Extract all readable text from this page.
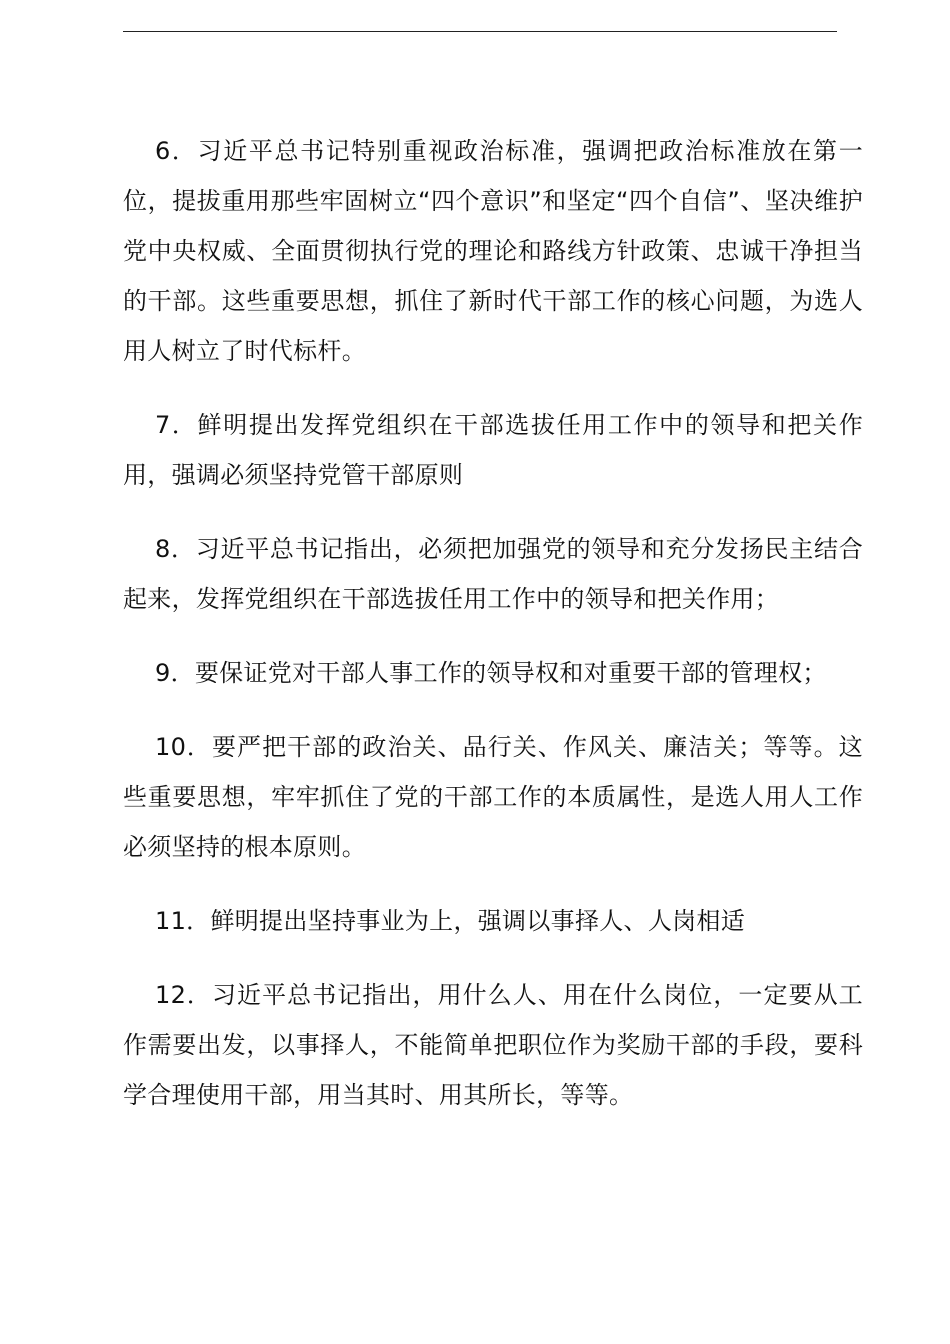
6．习近平总书记特别重视政治标准，强调把政治标准放在第一位，提拔重用那些牢固树立“四个意识”和坚定“四个自信”、坚决维护党中央权威、全面贯彻执行党的理论和路线方针政策、忠诚干净担当的干部。这些重要思想，抓住了新时代干部工作的核心问题，为选人用人树立了时代标杆。

7．鲜明提出发挥党组织在干部选拔任用工作中的领导和把关作用，强调必须坚持党管干部原则

8．习近平总书记指出，必须把加强党的领导和充分发扬民主结合起来，发挥党组织在干部选拔任用工作中的领导和把关作用；

9．要保证党对干部人事工作的领导权和对重要干部的管理权；

10．要严把干部的政治关、品行关、作风关、廉洁关；等等。这些重要思想，牢牢抓住了党的干部工作的本质属性，是选人用人工作必须坚持的根本原则。

11．鲜明提出坚持事业为上，强调以事择人、人岗相适

12．习近平总书记指出，用什么人、用在什么岗位，一定要从工作需要出发，以事择人，不能简单把职位作为奖励干部的手段，要科学合理使用干部，用当其时、用其所长，等等。
